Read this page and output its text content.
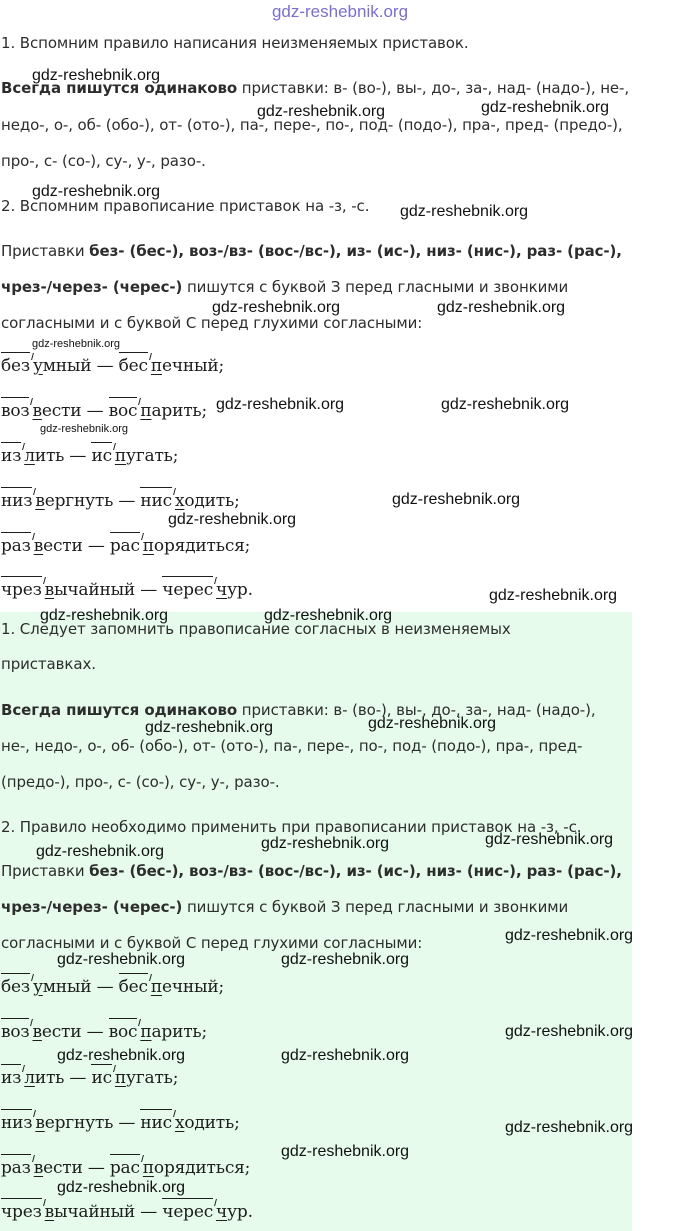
gdz-reshebnik.org
1. Вспомним правило написания неизменяемых приставок.
Всегда пишутся одинаково приставки: в- (во-), вы-, до-, за-, над- (надо-), не-,
недо-, о-, об- (обо-), от- (ото-), па-, пере-, по-, под- (подо-), пра-, пред- (предо-),
про-, с- (со-), су-, у-, разо-.
2. Вспомним правописание приставок на -з, -с.
Приставки без- (бес-), воз-/вз- (вос-/вс-), из- (ис-), низ- (нис-), раз- (рас-),
чрез-/через- (черес-) пишутся с буквой З перед гласными и звонкими
согласными и с буквой С перед глухими согласными:
без умный — бес печный;
воз вести — вос парить;
из лить — ис пугать;
низ вергнуть — нис ходить;
раз вести — рас порядиться;
чрез вычайный — черес чур.
1. Следует запомнить правописание согласных в неизменяемых
приставках.
Всегда пишутся одинаково приставки: в- (во-), вы-, до-, за-, над- (надо-),
не-, недо-, о-, об- (обо-), от- (ото-), па-, пере-, по-, под- (подо-), пра-, пред-
(предо-), про-, с- (со-), су-, у-, разо-.
2. Правило необходимо применить при правописании приставок на -з, -с.
Приставки без- (бес-), воз-/вз- (вос-/вс-), из- (ис-), низ- (нис-), раз- (рас-),
чрез-/через- (черес-) пишутся с буквой З перед гласными и звонкими
согласными и с буквой С перед глухими согласными:
без умный — бес печный;
воз вести — вос парить;
из лить — ис пугать;
низ вергнуть — нис ходить;
раз вести — рас порядиться;
чрез вычайный — черес чур.
gdz-reshebnik.org
gdz-reshebnik.org	gdz-reshebnik.org
gdz-reshebnik.org
gdz-reshebnik.org
gdz-reshebnik.org	gdz-reshebnik.org
gdz-reshebnik.org
gdz-reshebnik.org	gdz-reshebnik.org
gdz-reshebnik.org
gdz-reshebnik.org
gdz-reshebnik.org
gdz-reshebnik.org
gdz-reshebnik.org	gdz-reshebnik.org
gdz-reshebnik.org	gdz-reshebnik.org
gdz-reshebnik.org	gdz-reshebnik.org
gdz-reshebnik.org
gdz-reshebnik.org
gdz-reshebnik.org	gdz-reshebnik.org
gdz-reshebnik.org
gdz-reshebnik.org	gdz-reshebnik.org
gdz-reshebnik.org
gdz-reshebnik.org
gdz-reshebnik.org
